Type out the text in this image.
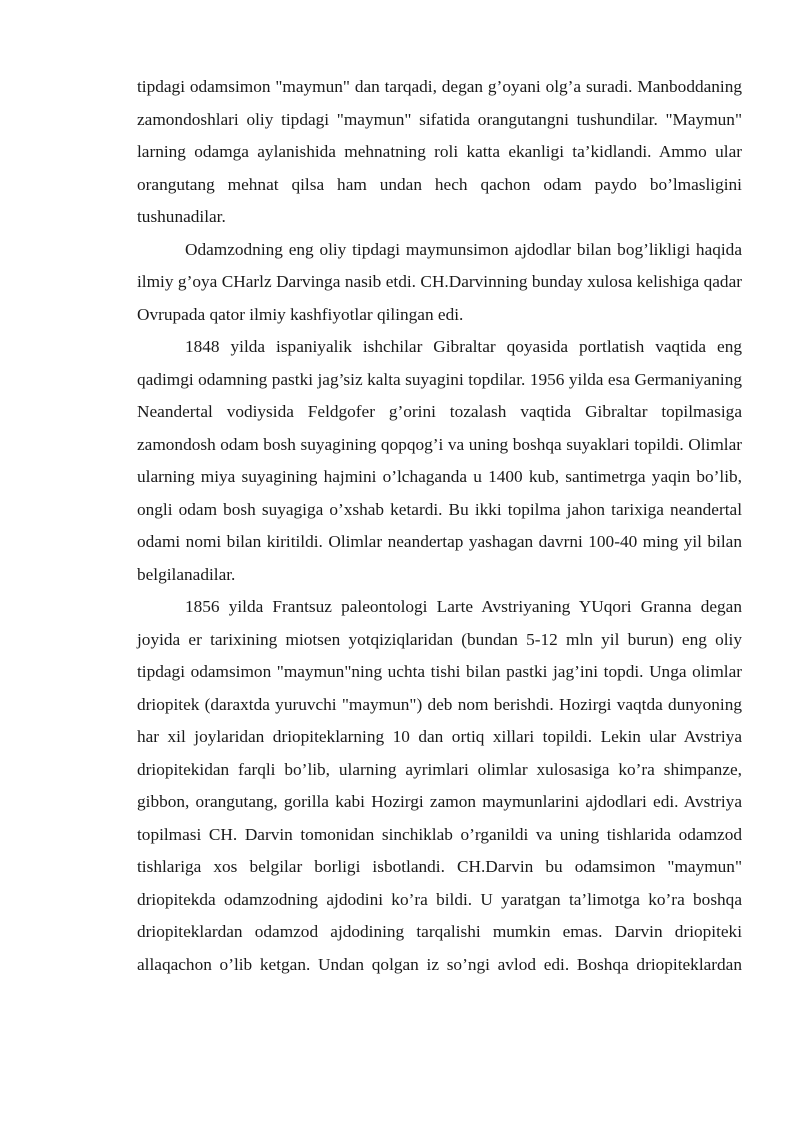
tipdagi odamsimon "maymun" dan tarqadi, degan g’oyani olg’a suradi. Manboddaning zamondoshlari oliy tipdagi "maymun" sifatida orangutangni tushundilar. "Maymun" larning odamga aylanishida mehnatning roli katta ekanligi ta’kidlandi. Ammo ular orangutang mehnat qilsa ham undan hech qachon odam paydo bo’lmasligini tushunadilar.

Odamzodning eng oliy tipdagi maymunsimon ajdodlar bilan bog’likligi haqida ilmiy g’oya CHarlz Darvinga nasib etdi. CH.Darvinning bunday xulosa kelishiga qadar Ovrupada qator ilmiy kashfiyotlar qilingan edi.

1848 yilda ispaniyalik ishchilar Gibraltar qoyasida portlatish vaqtida eng qadimgi odamning pastki jag’siz kalta suyagini topdilar. 1956 yilda esa Germaniyaning Neandertal vodiysida Feldgofer g’orini tozalash vaqtida Gibraltar topilmasiga zamondosh odam bosh suyagining qopqog’i va uning boshqa suyaklari topildi. Olimlar ularning miya suyagining hajmini o’lchaganda u 1400 kub, santimetrga yaqin bo’lib, ongli odam bosh suyagiga o’xshab ketardi. Bu ikki topilma jahon tarixiga neandertal odami nomi bilan kiritildi. Olimlar neandertap yashagan davrni 100-40 ming yil bilan belgilanadilar.

1856 yilda Frantsuz paleontologi Larte Avstriyaning YUqori Granna degan joyida er tarixining miotsen yotqiziqlaridan (bundan 5-12 mln yil burun) eng oliy tipdagi odamsimon "maymun"ning uchta tishi bilan pastki jag’ini topdi. Unga olimlar driopitek (daraxtda yuruvchi "maymun") deb nom berishdi. Hozirgi vaqtda dunyoning har xil joylaridan driopiteklarning 10 dan ortiq xillari topildi. Lekin ular Avstriya driopitekidan farqli bo’lib, ularning ayrimlari olimlar xulosasiga ko’ra shimpanze, gibbon, orangutang, gorilla kabi Hozirgi zamon maymunlarini ajdodlari edi. Avstriya topilmasi CH. Darvin tomonidan sinchiklab o’rganildi va uning tishlarida odamzod tishlariga xos belgilar borligi isbotlandi. CH.Darvin bu odamsimon "maymun" driopitekda odamzodning ajdodini ko’ra bildi. U yaratgan ta’limotga ko’ra boshqa driopiteklardan odamzod ajdodining tarqalishi mumkin emas. Darvin driopiteki allaqachon o’lib ketgan. Undan qolgan iz so’ngi avlod edi. Boshqa driopiteklardan
